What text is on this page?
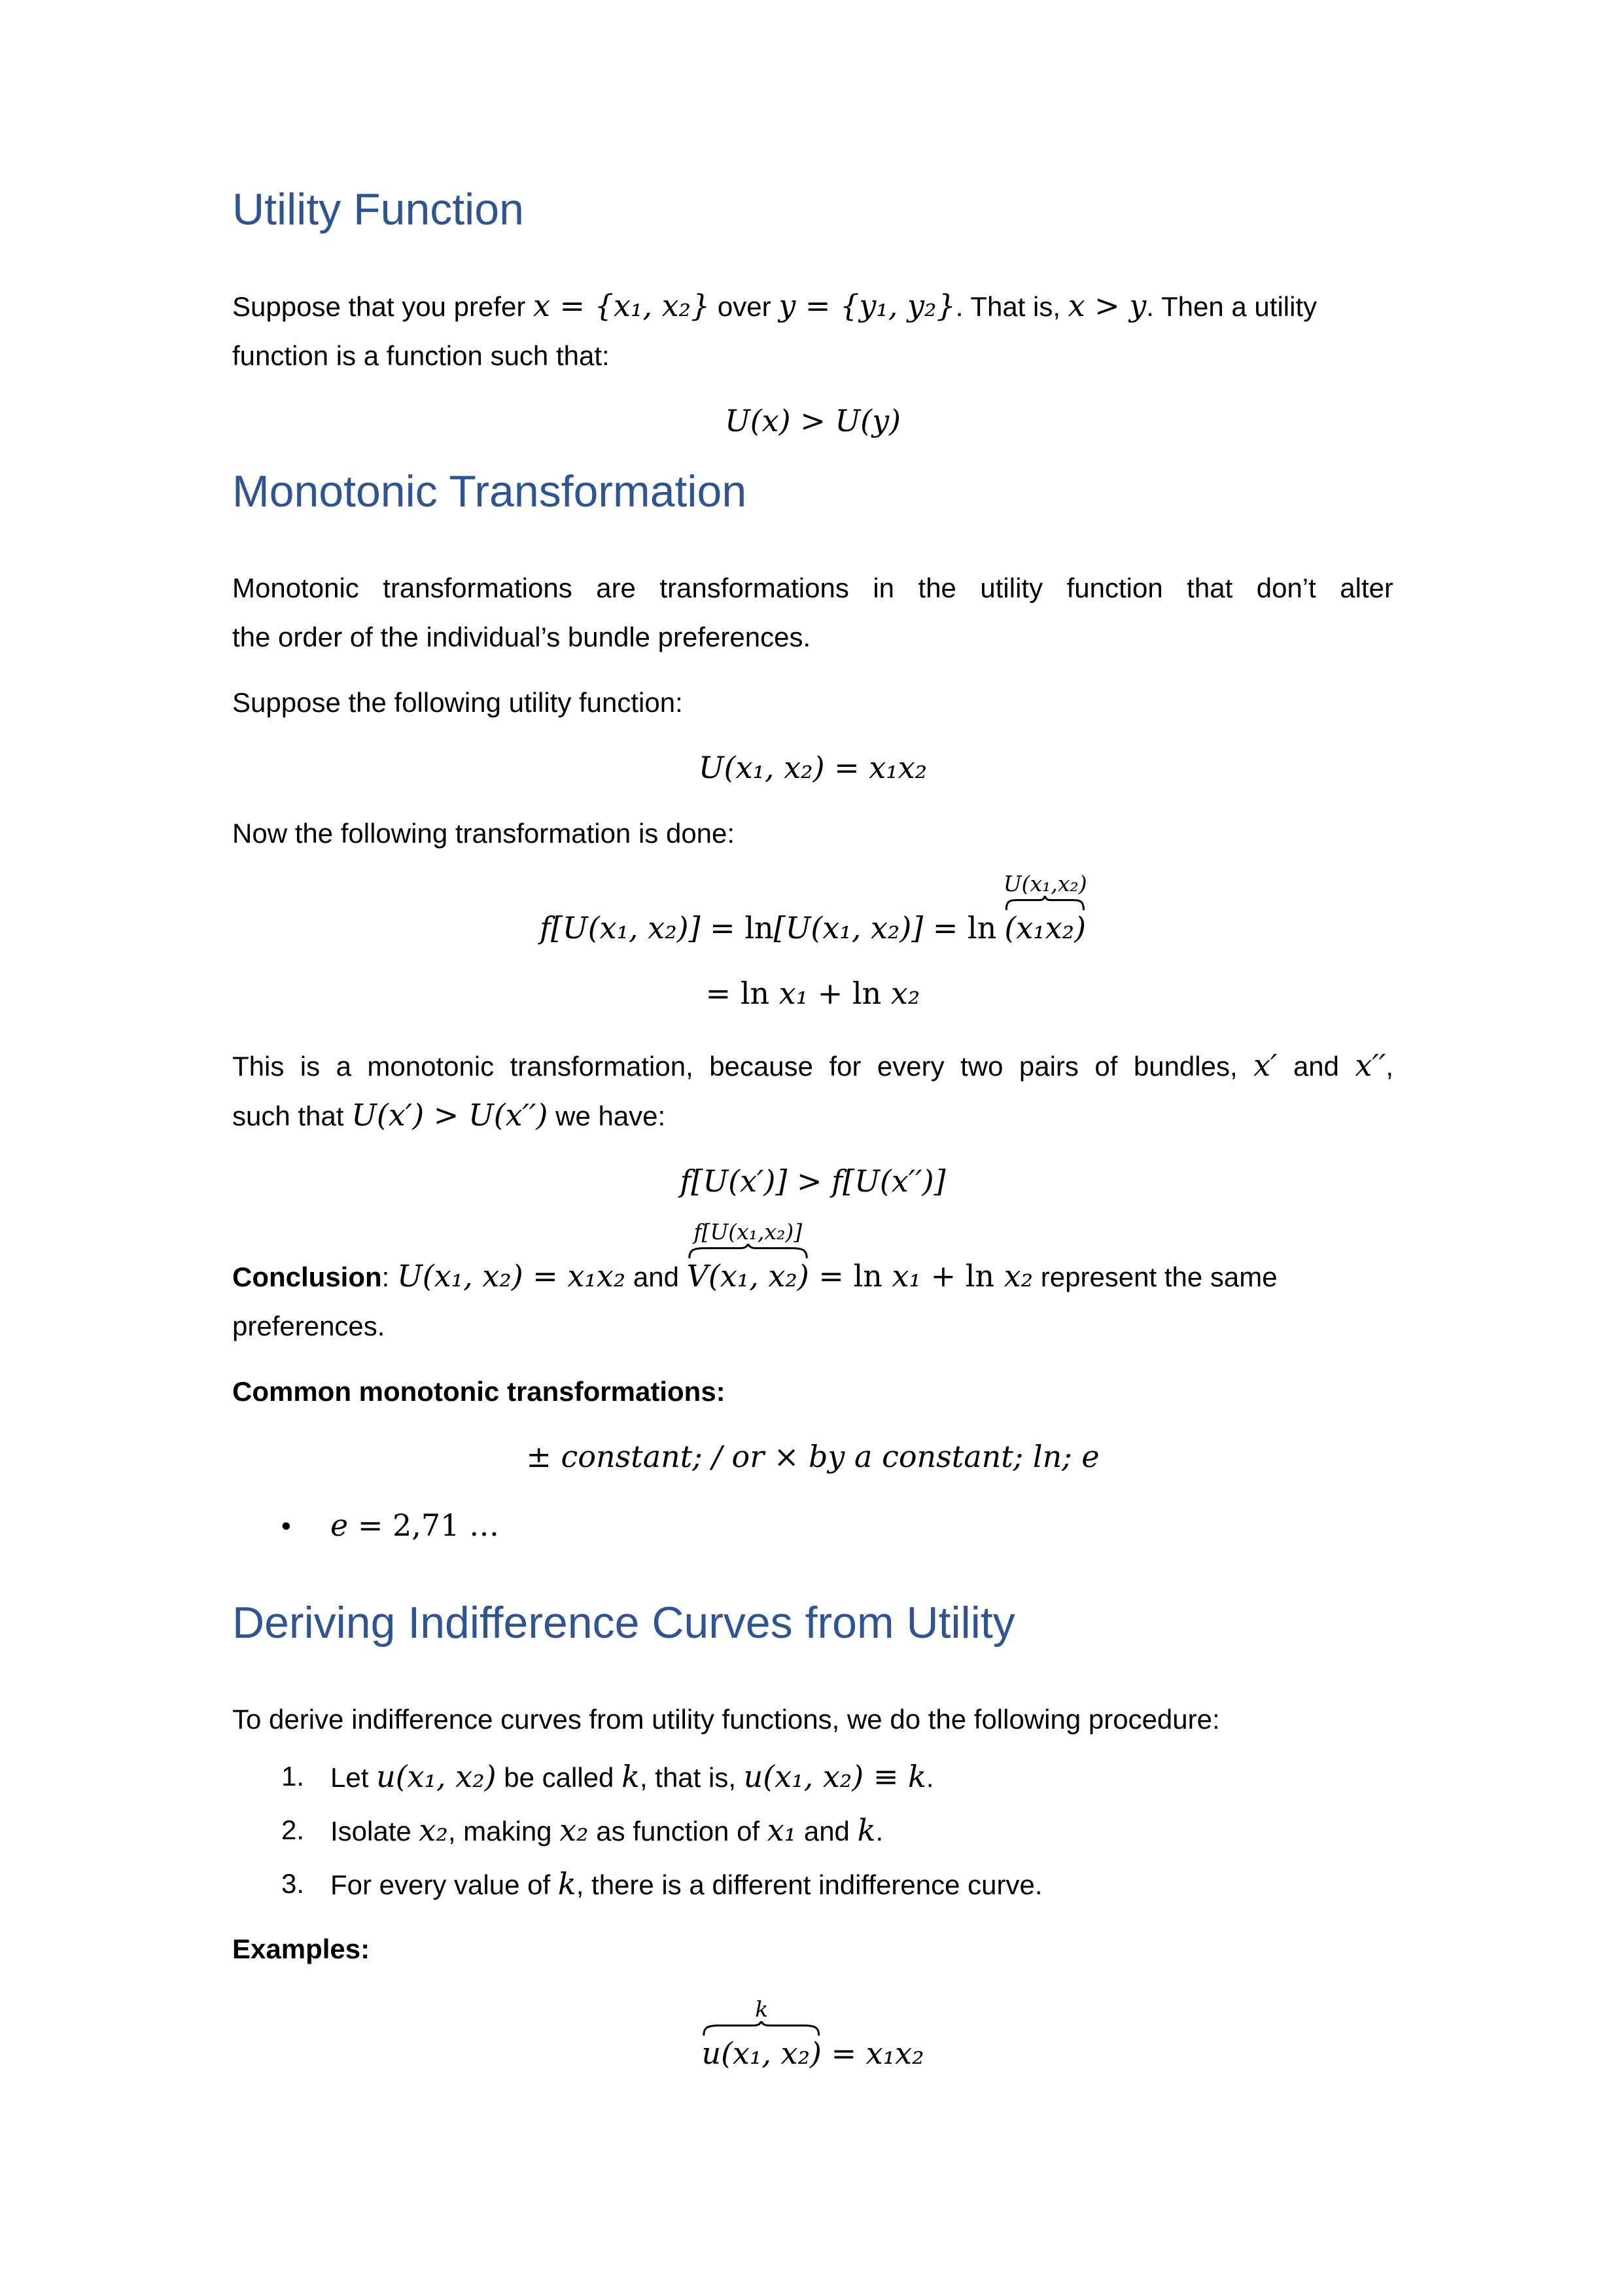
Utility Function

Suppose that you prefer x = {x₁, x₂} over y = {y₁, y₂}. That is, x > y. Then a utility
function is a function such that:

U(x) > U(y)
Monotonic Transformation

Monotonic transformations are transformations in the utility function that don’t alter
the order of the individual’s bundle preferences.

Suppose the following utility function:

U(x₁, x₂) = x₁x₂

Now the following transformation is done:

f[U(x₁, x₂)] = ln[U(x₁, x₂)] = ln
U(x₁,x₂)
(x₁x₂)
= ln x₁ + ln x₂

This is a monotonic transformation, because for every two pairs of bundles, x′ and x′′,
such that U(x′) > U(x′′) we have:

f[U(x′)] > f[U(x′′)]

Conclusion: U(x₁, x₂) = x₁x₂ and
f[U(x₁,x₂)]
V(x₁, x₂) = ln x₁ + ln x₂ represent the same
preferences.

Common monotonic transformations:

± constant; / or × by a constant; ln; e
•	e = 2,71 …
Deriving Indifference Curves from Utility

To derive indifference curves from utility functions, we do the following procedure:

1. Let u(x₁, x₂) be called k, that is, u(x₁, x₂) ≡ k.
2. Isolate x₂, making x₂ as function of x₁ and k.
3. For every value of k, there is a different indifference curve.

Examples:

k
u(x₁, x₂) = x₁x₂
